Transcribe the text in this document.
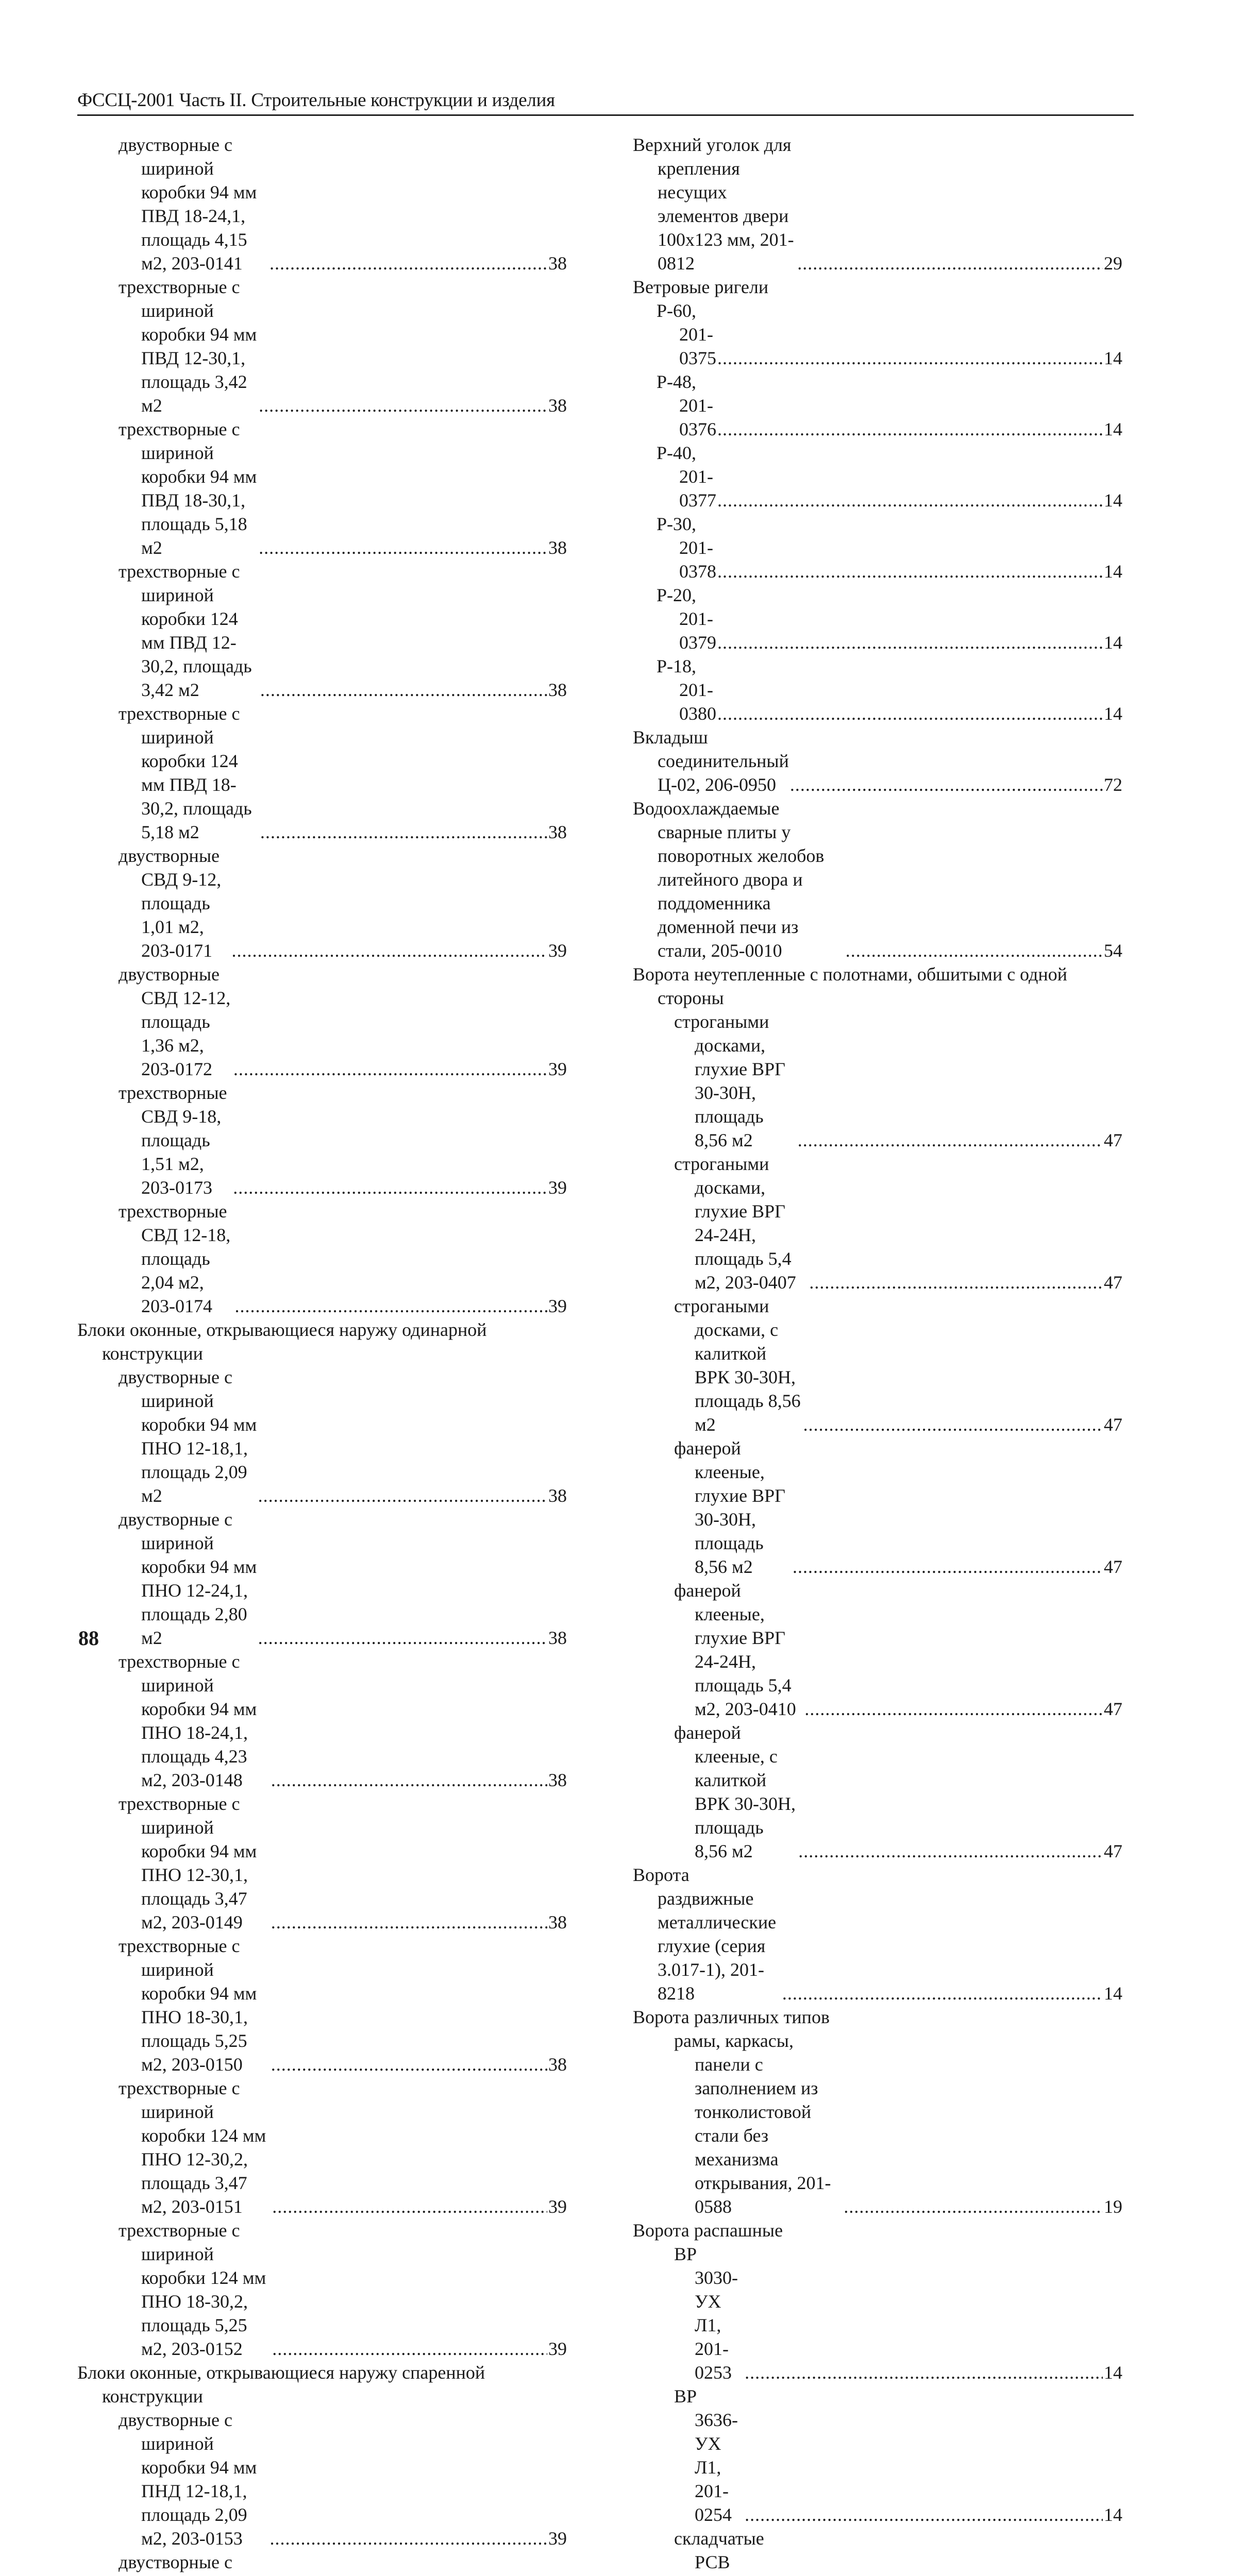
ФССЦ-2001 Часть II. Строительные конструкции и изделия
двустворные с шириной коробки 94 мм ПВД 18-24,1, площадь 4,15 м2, 203-0141 .....	38
трехстворные с шириной коробки 94 мм ПВД 12-30,1, площадь 3,42 м2 .....	38
трехстворные с шириной коробки 94 мм ПВД 18-30,1, площадь 5,18 м2 .....	38
трехстворные с шириной коробки 124 мм ПВД 12-30,2, площадь 3,42 м2 .....	38
трехстворные с шириной коробки 124 мм ПВД 18-30,2, площадь 5,18 м2 .....	38
двустворные СВД 9-12, площадь 1,01 м2, 203-0171 .....	39
двустворные СВД 12-12, площадь 1,36 м2, 203-0172 .....	39
трехстворные СВД 9-18, площадь 1,51 м2, 203-0173 .....	39
трехстворные СВД 12-18, площадь 2,04 м2, 203-0174 .....	39
Блоки оконные, открывающиеся наружу одинарной конструкции
двустворные с шириной коробки 94 мм ПНО 12-18,1, площадь 2,09 м2 .....	38
двустворные с шириной коробки 94 мм ПНО 12-24,1, площадь 2,80 м2 .....	38
трехстворные с шириной коробки 94 мм ПНО 18-24,1, площадь 4,23 м2, 203-0148 .....	38
трехстворные с шириной коробки 94 мм ПНО 12-30,1, площадь 3,47 м2, 203-0149 .....	38
трехстворные с шириной коробки 94 мм ПНО 18-30,1, площадь 5,25 м2, 203-0150 .....	38
трехстворные с шириной коробки 124 мм ПНО 12-30,2, площадь 3,47 м2, 203-0151 .....	39
трехстворные с шириной коробки 124 мм ПНО 18-30,2, площадь 5,25 м2, 203-0152 .....	39
Блоки оконные, открывающиеся наружу спаренной конструкции
двустворные с шириной коробки 94 мм ПНД 12-18,1, площадь 2,09 м2, 203-0153 .....	39
двустворные с
Верхний уголок для крепления несущих элементов двери 100х123 мм, 201-0812 .....	29
Ветровые ригели
Р-60, 201-0375 .....	14
Р-48, 201-0376 .....	14
Р-40, 201-0377 .....	14
Р-30, 201-0378 .....	14
Р-20, 201-0379 .....	14
Р-18, 201-0380 .....	14
Вкладыш соединительный Ц-02, 206-0950 .....	72
Водоохлаждаемые сварные плиты у поворотных желобов литейного двора и поддоменника доменной печи из стали, 205-0010 .....	54
Ворота неутепленные с полотнами, обшитыми с одной стороны
строгаными досками, глухие ВРГ 30-30Н, площадь 8,56 м2 .....	47
строгаными досками, глухие ВРГ 24-24Н, площадь 5,4 м2, 203-0407 .....	47
строгаными досками, с калиткой ВРК 30-30Н, площадь 8,56 м2 .....	47
фанерой клееные, глухие ВРГ 30-30Н, площадь 8,56 м2 .....	47
фанерой клееные, глухие ВРГ 24-24Н, площадь 5,4 м2, 203-0410 .....	47
фанерой клееные, с калиткой ВРК 30-30Н, площадь 8,56 м2 .....	47
Ворота раздвижные металлические глухие (серия 3.017-1), 201-8218 .....	14
Ворота различных типов
рамы, каркасы, панели с заполнением из тонколистовой стали без механизма открывания, 201-0588 .....	19
Ворота распашные
ВР 3030-УХ Л1, 201-0253 .....	14
ВР 3636-УХ Л1, 201-0254 .....	14
складчатые РСВ
88
